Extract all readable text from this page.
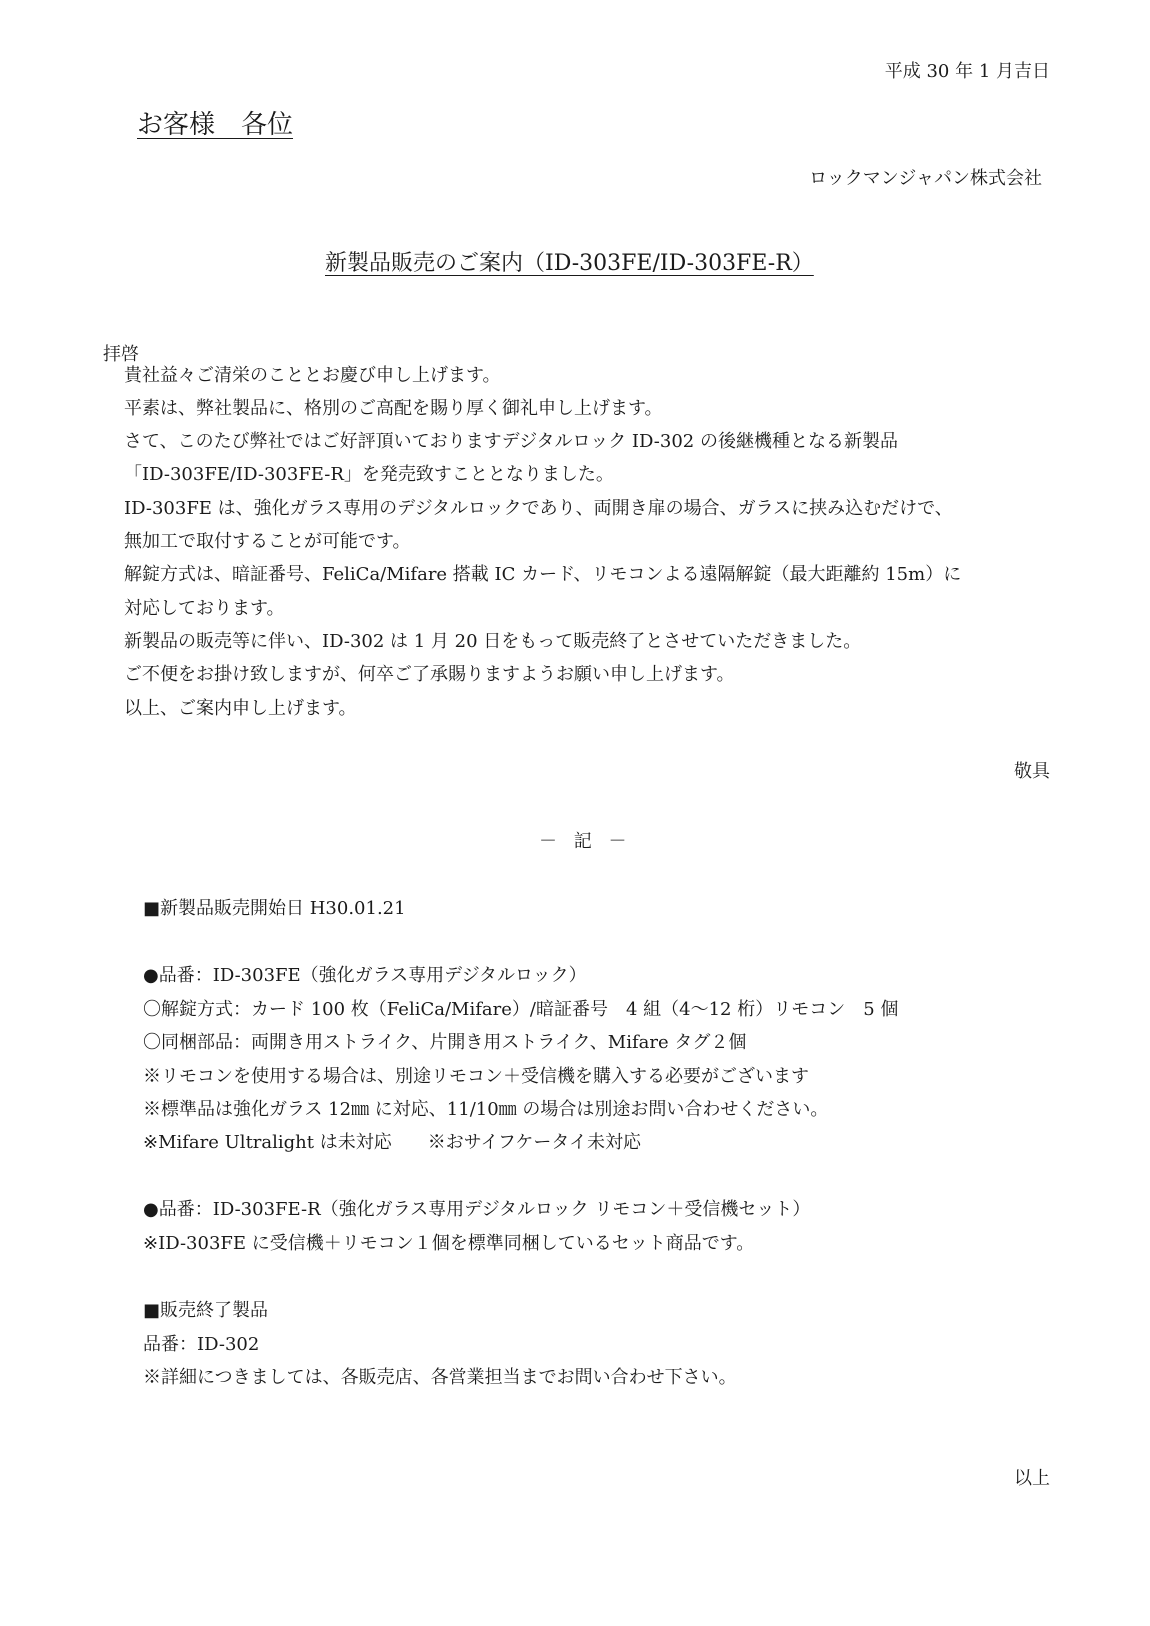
平成 30 年 1 月吉日
お客様　各位
ロックマンジャパン株式会社
新製品販売のご案内（ID-303FE/ID-303FE-R）
拝啓
貴社益々ご清栄のこととお慶び申し上げます。
平素は、弊社製品に、格別のご高配を賜り厚く御礼申し上げます。
さて、このたび弊社ではご好評頂いておりますデジタルロック ID-302 の後継機種となる新製品
「ID-303FE/ID-303FE-R」を発売致すこととなりました。
ID-303FE は、強化ガラス専用のデジタルロックであり、両開き扉の場合、ガラスに挟み込むだけで、
無加工で取付することが可能です。
解錠方式は、暗証番号、FeliCa/Mifare 搭載 IC カード、リモコンよる遠隔解錠（最大距離約 15m）に
対応しております。
新製品の販売等に伴い、ID-302 は 1 月 20 日をもって販売終了とさせていただきました。
ご不便をお掛け致しますが、何卒ご了承賜りますようお願い申し上げます。
以上、ご案内申し上げます。
敬具
－ 記 －
■新製品販売開始日 H30.01.21
●品番：ID-303FE（強化ガラス専用デジタルロック）
〇解錠方式：カード 100 枚（FeliCa/Mifare）/暗証番号　4 組（4～12 桁）リモコン　5 個
〇同梱部品：両開き用ストライク、片開き用ストライク、Mifare タグ２個
※リモコンを使用する場合は、別途リモコン＋受信機を購入する必要がございます
※標準品は強化ガラス 12㎜ に対応、11/10㎜ の場合は別途お問い合わせください。
※Mifare Ultralight は未対応　　※おサイフケータイ未対応
●品番：ID-303FE-R（強化ガラス専用デジタルロック リモコン＋受信機セット）
※ID-303FE に受信機＋リモコン１個を標準同梱しているセット商品です。
■販売終了製品
品番：ID-302
※詳細につきましては、各販売店、各営業担当までお問い合わせ下さい。
以上
